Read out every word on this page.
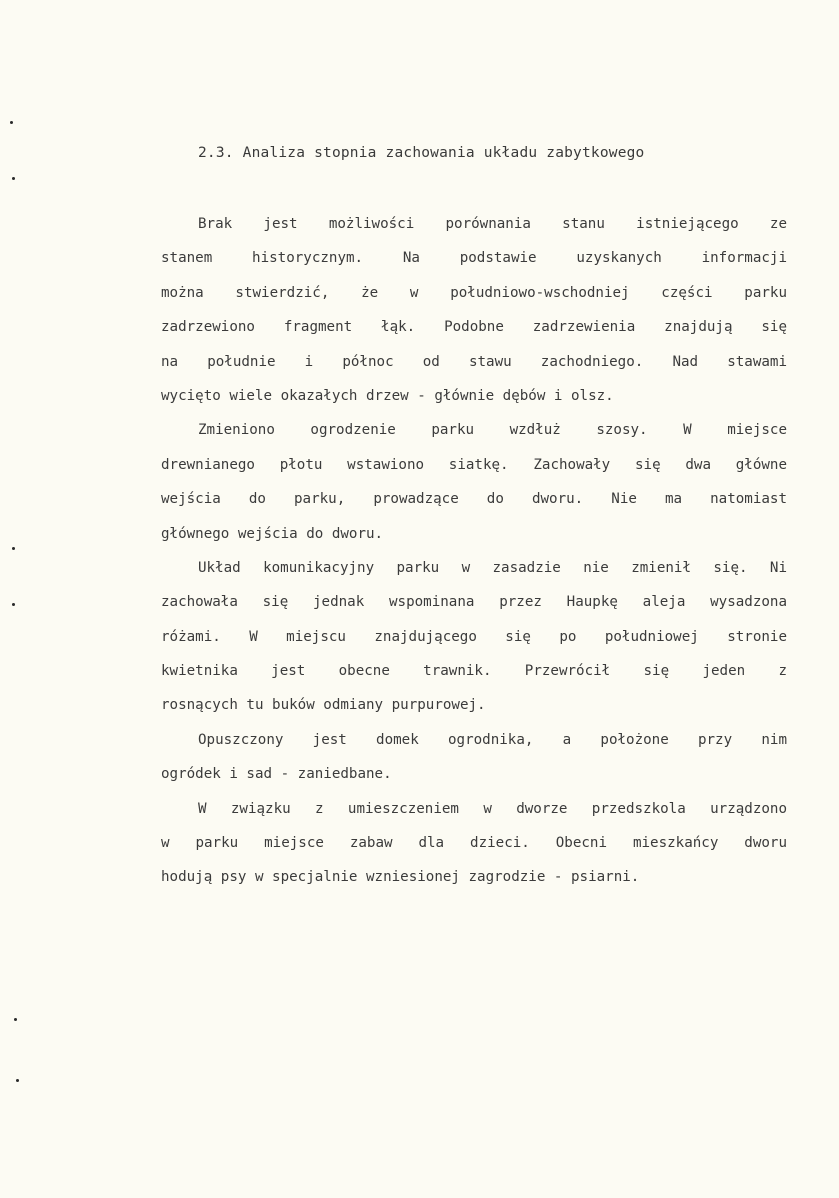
2.3. Analiza stopnia zachowania układu zabytkowego
Brak jest możliwości porównania stanu istniejącego ze
stanem historycznym. Na podstawie uzyskanych informacji
można stwierdzić, że w południowo-wschodniej części parku
zadrzewiono fragment łąk. Podobne zadrzewienia znajdują się
na południe i północ od stawu zachodniego. Nad stawami
wycięto wiele okazałych drzew - głównie dębów i olsz.
Zmieniono ogrodzenie parku wzdłuż szosy. W miejsce
drewnianego płotu wstawiono siatkę. Zachowały się dwa główne
wejścia do parku, prowadzące do dworu. Nie ma natomiast
głównego wejścia do dworu.
Układ komunikacyjny parku w zasadzie nie zmienił się. Ni
zachowała się jednak wspominana przez Haupkę aleja wysadzona
różami. W miejscu znajdującego się po południowej stronie
kwietnika jest obecne trawnik. Przewrócił się jeden z
rosnących tu buków odmiany purpurowej.
Opuszczony jest domek ogrodnika, a położone przy nim
ogródek i sad - zaniedbane.
W związku z umieszczeniem w dworze przedszkola urządzono
w parku miejsce zabaw dla dzieci. Obecni mieszkańcy dworu
hodują psy w specjalnie wzniesionej zagrodzie - psiarni.
